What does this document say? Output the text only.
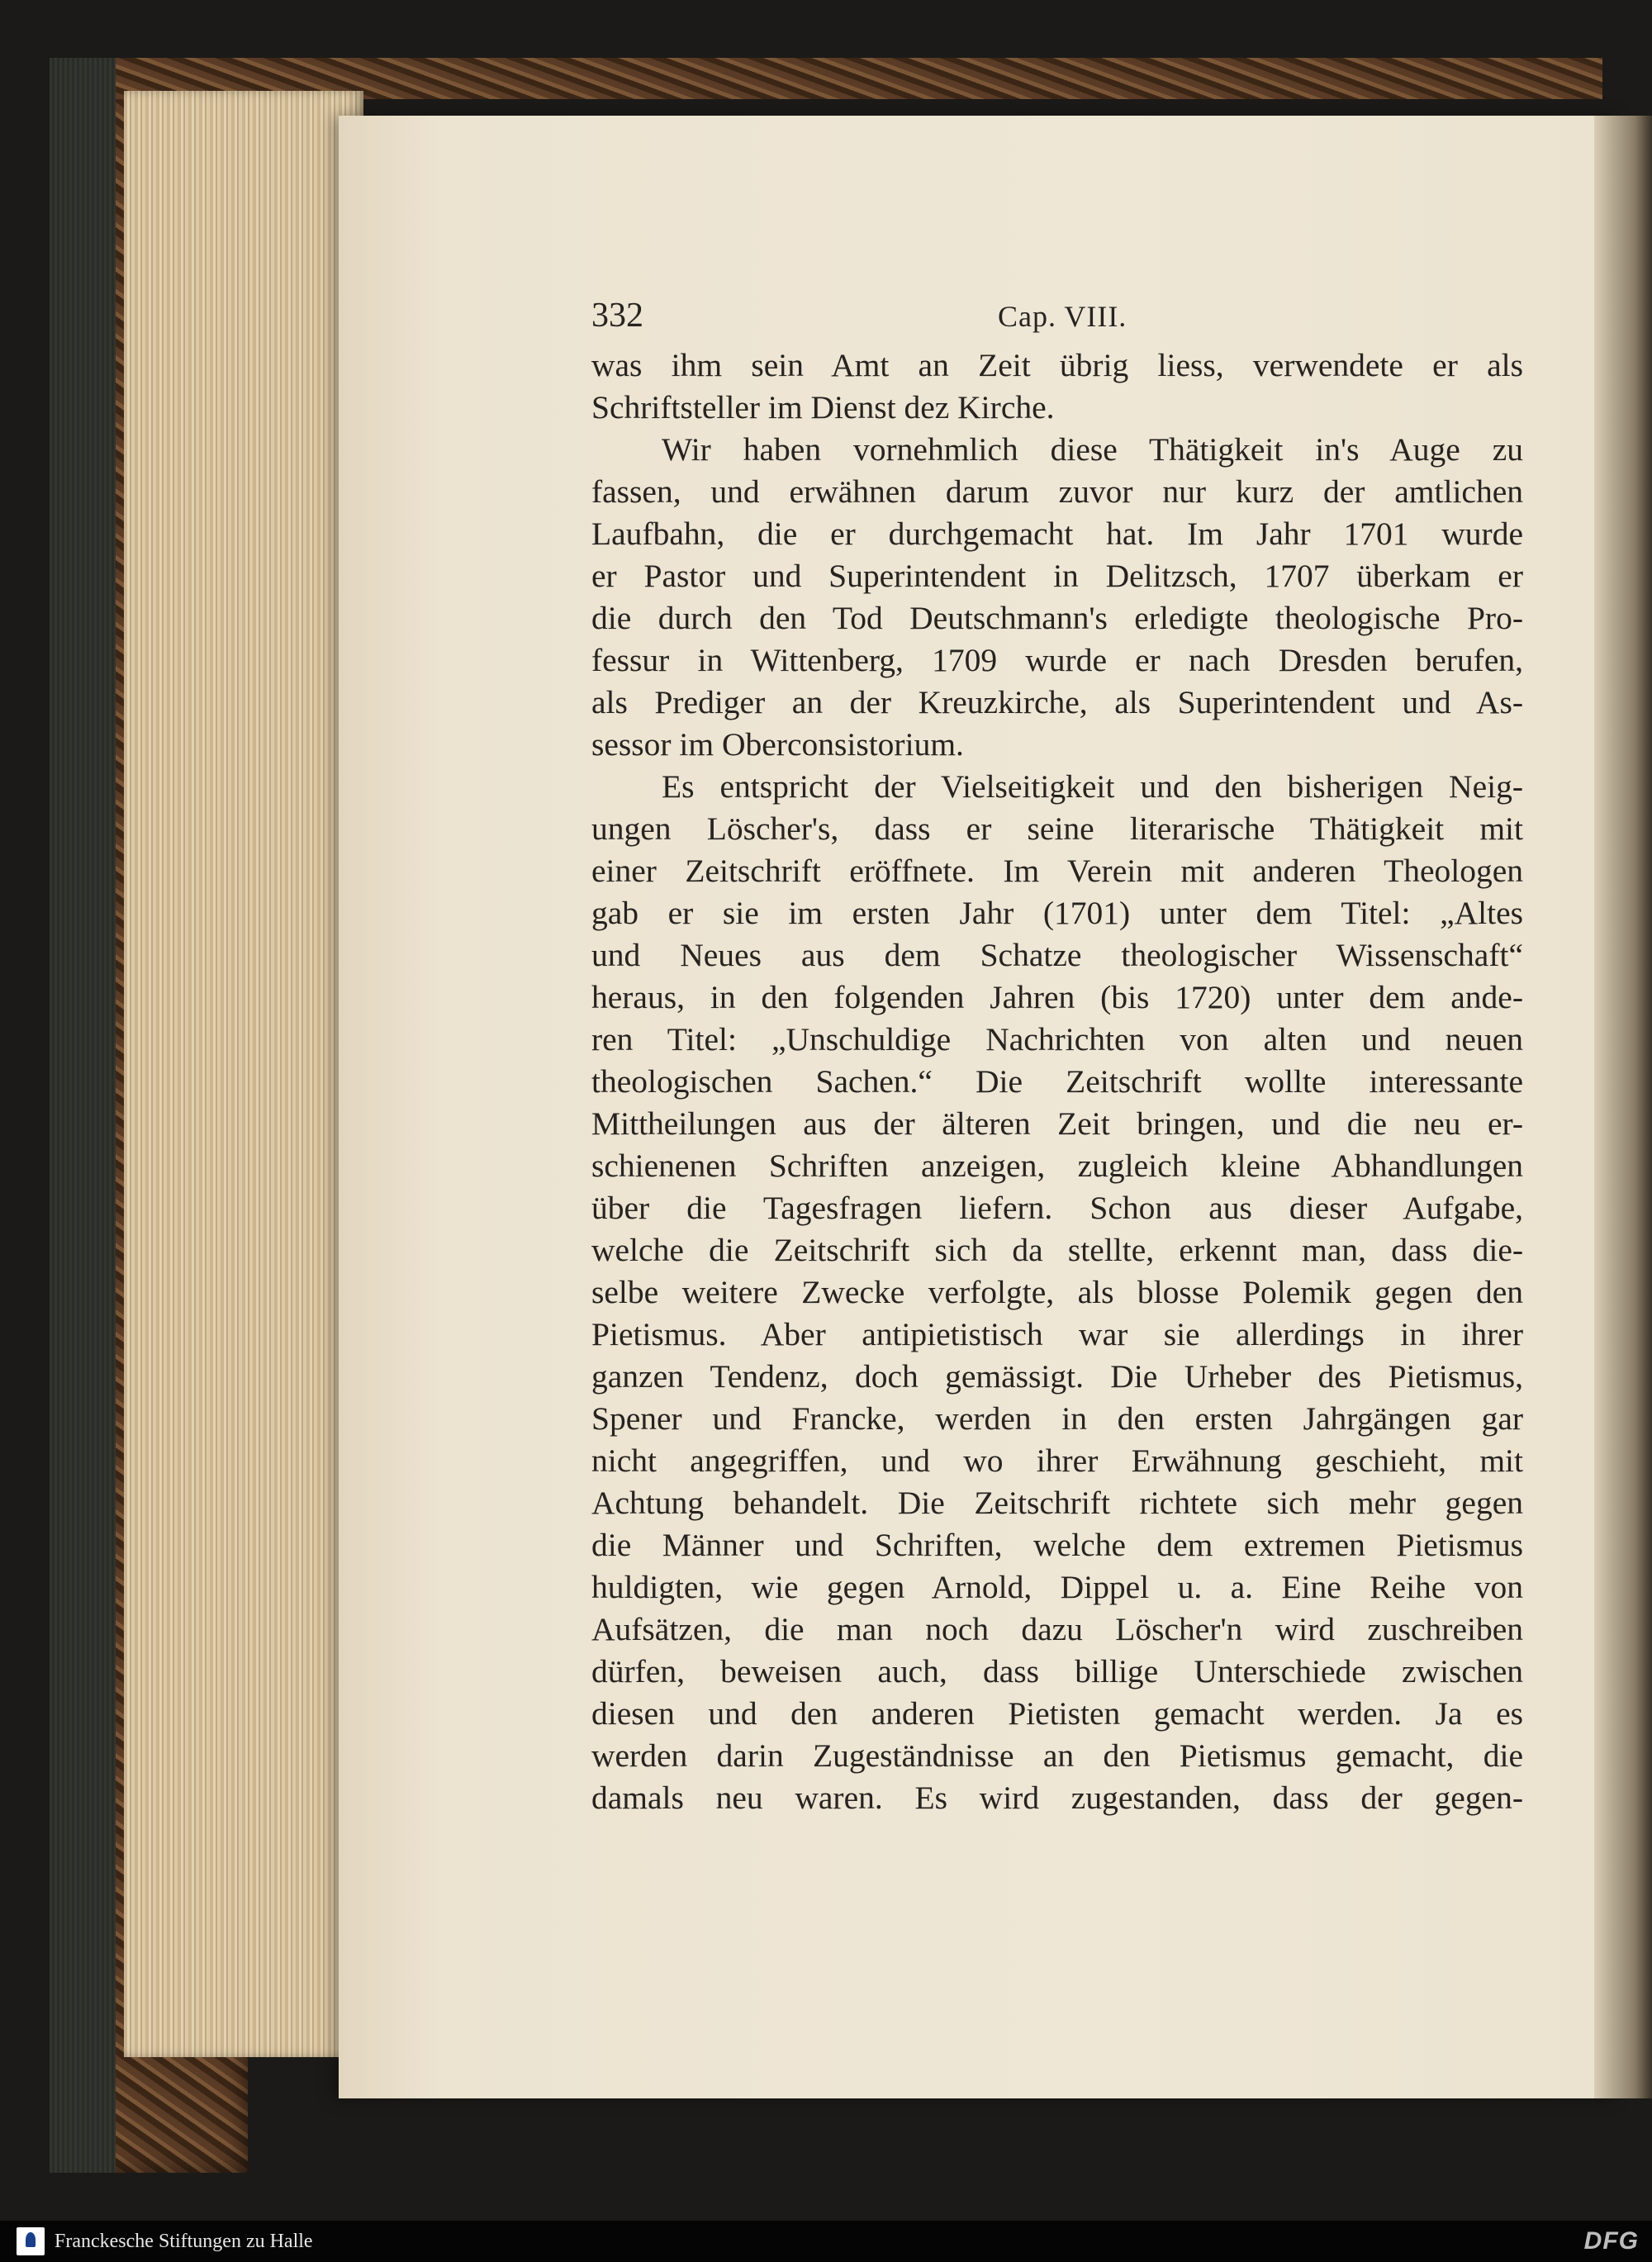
332	Cap. VIII.
was ihm sein Amt an Zeit übrig liess, verwendete er als
Schriftsteller im Dienst dez Kirche.
Wir haben vornehmlich diese Thätigkeit in's Auge zu
fassen, und erwähnen darum zuvor nur kurz der amtlichen
Laufbahn, die er durchgemacht hat. Im Jahr 1701 wurde
er Pastor und Superintendent in Delitzsch, 1707 überkam er
die durch den Tod Deutschmann's erledigte theologische Pro-
fessur in Wittenberg, 1709 wurde er nach Dresden berufen,
als Prediger an der Kreuzkirche, als Superintendent und As-
sessor im Oberconsistorium.
Es entspricht der Vielseitigkeit und den bisherigen Neig-
ungen Löscher's, dass er seine literarische Thätigkeit mit
einer Zeitschrift eröffnete. Im Verein mit anderen Theologen
gab er sie im ersten Jahr (1701) unter dem Titel: „Altes
und Neues aus dem Schatze theologischer Wissenschaft“
heraus, in den folgenden Jahren (bis 1720) unter dem ande-
ren Titel: „Unschuldige Nachrichten von alten und neuen
theologischen Sachen.“ Die Zeitschrift wollte interessante
Mittheilungen aus der älteren Zeit bringen, und die neu er-
schienenen Schriften anzeigen, zugleich kleine Abhandlungen
über die Tagesfragen liefern. Schon aus dieser Aufgabe,
welche die Zeitschrift sich da stellte, erkennt man, dass die-
selbe weitere Zwecke verfolgte, als blosse Polemik gegen den
Pietismus. Aber antipietistisch war sie allerdings in ihrer
ganzen Tendenz, doch gemässigt. Die Urheber des Pietismus,
Spener und Francke, werden in den ersten Jahrgängen gar
nicht angegriffen, und wo ihrer Erwähnung geschieht, mit
Achtung behandelt. Die Zeitschrift richtete sich mehr gegen
die Männer und Schriften, welche dem extremen Pietismus
huldigten, wie gegen Arnold, Dippel u. a. Eine Reihe von
Aufsätzen, die man noch dazu Löscher'n wird zuschreiben
dürfen, beweisen auch, dass billige Unterschiede zwischen
diesen und den anderen Pietisten gemacht werden. Ja es
werden darin Zugeständnisse an den Pietismus gemacht, die
damals neu waren. Es wird zugestanden, dass der gegen-
Franckesche Stiftungen zu Halle	DFG
